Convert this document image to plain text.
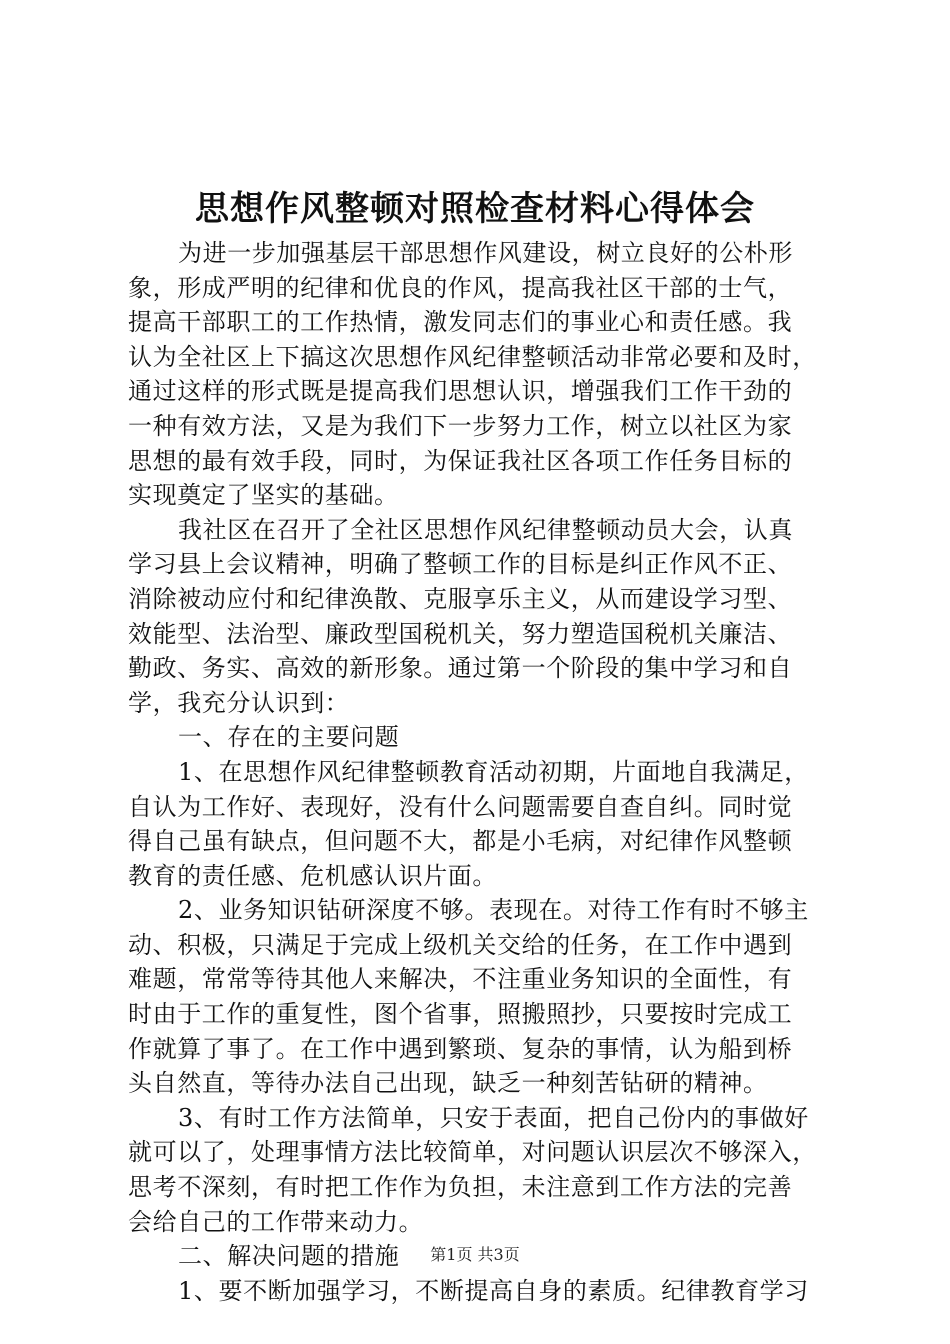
思想作风整顿对照检查材料心得体会
为进一步加强基层干部思想作风建设，树立良好的公朴形
象，形成严明的纪律和优良的作风，提高我社区干部的士气，
提高干部职工的工作热情，激发同志们的事业心和责任感。我
认为全社区上下搞这次思想作风纪律整顿活动非常必要和及时，
通过这样的形式既是提高我们思想认识，增强我们工作干劲的
一种有效方法，又是为我们下一步努力工作，树立以社区为家
思想的最有效手段，同时，为保证我社区各项工作任务目标的
实现奠定了坚实的基础。
我社区在召开了全社区思想作风纪律整顿动员大会，认真
学习县上会议精神，明确了整顿工作的目标是纠正作风不正、
消除被动应付和纪律涣散、克服享乐主义，从而建设学习型、
效能型、法治型、廉政型国税机关，努力塑造国税机关廉洁、
勤政、务实、高效的新形象。通过第一个阶段的集中学习和自
学，我充分认识到：
一、存在的主要问题
1、在思想作风纪律整顿教育活动初期，片面地自我满足，
自认为工作好、表现好，没有什么问题需要自查自纠。同时觉
得自己虽有缺点，但问题不大，都是小毛病，对纪律作风整顿
教育的责任感、危机感认识片面。
2、业务知识钻研深度不够。表现在。对待工作有时不够主
动、积极，只满足于完成上级机关交给的任务，在工作中遇到
难题，常常等待其他人来解决，不注重业务知识的全面性，有
时由于工作的重复性，图个省事，照搬照抄，只要按时完成工
作就算了事了。在工作中遇到繁琐、复杂的事情，认为船到桥
头自然直，等待办法自己出现，缺乏一种刻苦钻研的精神。
3、有时工作方法简单，只安于表面，把自己份内的事做好
就可以了，处理事情方法比较简单，对问题认识层次不够深入，
思考不深刻，有时把工作作为负担，未注意到工作方法的完善
会给自己的工作带来动力。
二、解决问题的措施
1、要不断加强学习，不断提高自身的素质。纪律教育学习
第1页 共3页
